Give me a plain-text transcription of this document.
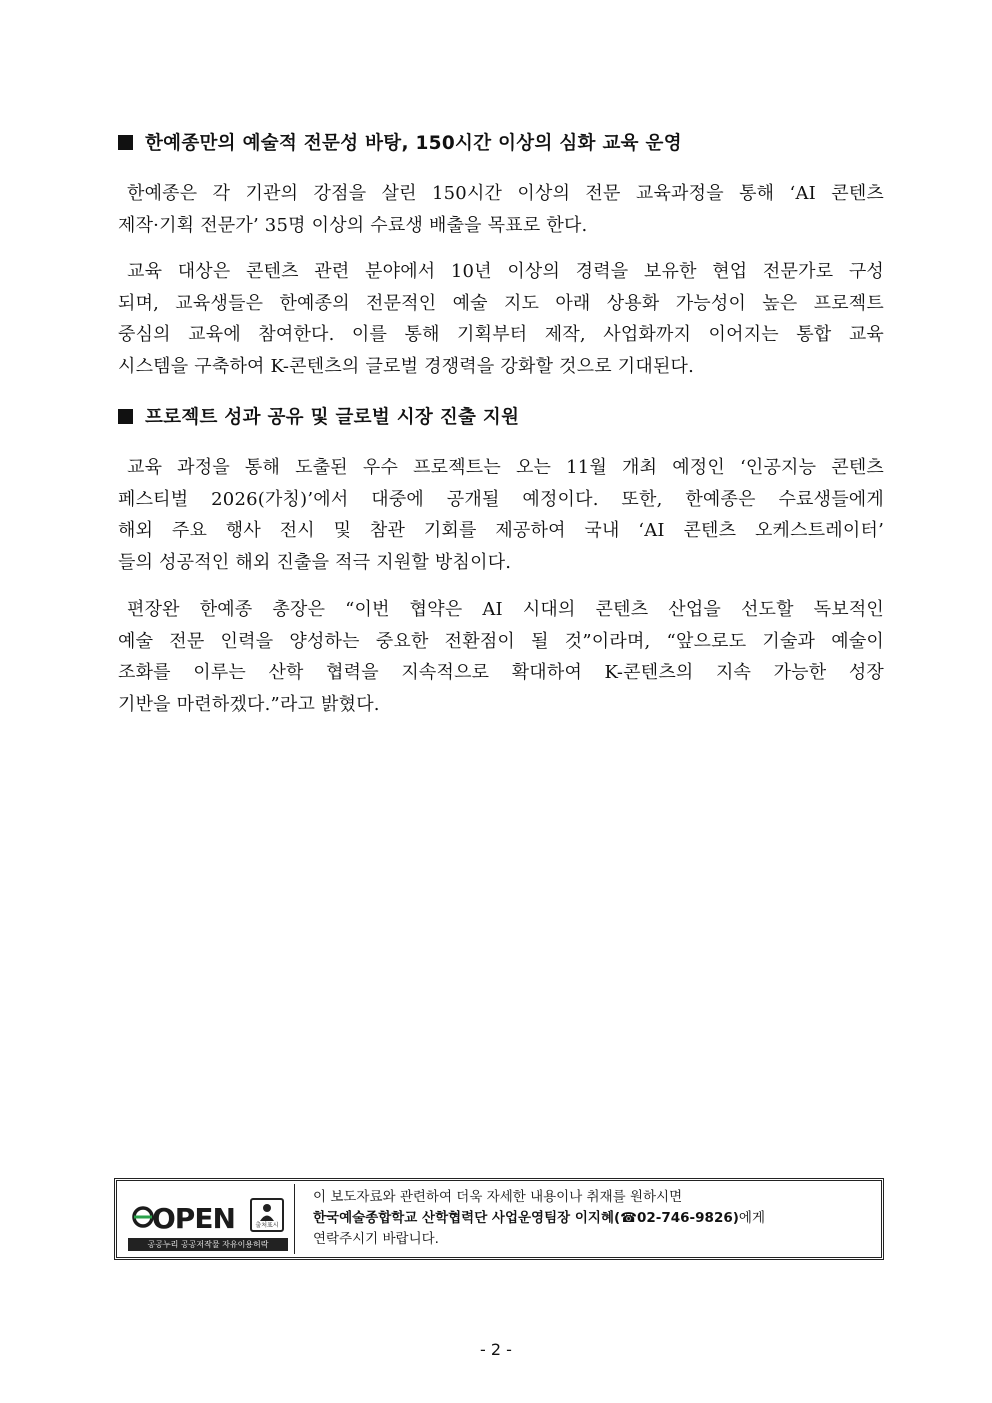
한예종만의 예술적 전문성 바탕, 150시간 이상의 심화 교육 운영
한예종은 각 기관의 강점을 살린 150시간 이상의 전문 교육과정을 통해 ‘AI 콘텐츠
제작·기획 전문가’ 35명 이상의 수료생 배출을 목표로 한다.
교육 대상은 콘텐츠 관련 분야에서 10년 이상의 경력을 보유한 현업 전문가로 구성
되며, 교육생들은 한예종의 전문적인 예술 지도 아래 상용화 가능성이 높은 프로젝트
중심의 교육에 참여한다. 이를 통해 기획부터 제작, 사업화까지 이어지는 통합 교육
시스템을 구축하여 K-콘텐츠의 글로벌 경쟁력을 강화할 것으로 기대된다.
프로젝트 성과 공유 및 글로벌 시장 진출 지원
교육 과정을 통해 도출된 우수 프로젝트는 오는 11월 개최 예정인 ‘인공지능 콘텐츠
페스티벌 2026(가칭)’에서 대중에 공개될 예정이다. 또한, 한예종은 수료생들에게
해외 주요 행사 전시 및 참관 기회를 제공하여 국내 ‘AI 콘텐츠 오케스트레이터’
들의 성공적인 해외 진출을 적극 지원할 방침이다.
편장완 한예종 총장은 “이번 협약은 AI 시대의 콘텐츠 산업을 선도할 독보적인
예술 전문 인력을 양성하는 중요한 전환점이 될 것”이라며, “앞으로도 기술과 예술이
조화를 이루는 산학 협력을 지속적으로 확대하여 K-콘텐츠의 지속 가능한 성장
기반을 마련하겠다.”라고 밝혔다.
OPEN	출처표시
공공누리 공공저작물 자유이용허락
이 보도자료와 관련하여 더욱 자세한 내용이나 취재를 원하시면
한국예술종합학교 산학협력단 사업운영팀장 이지혜(☎02-746-9826)에게
연락주시기 바랍니다.
- 2 -
